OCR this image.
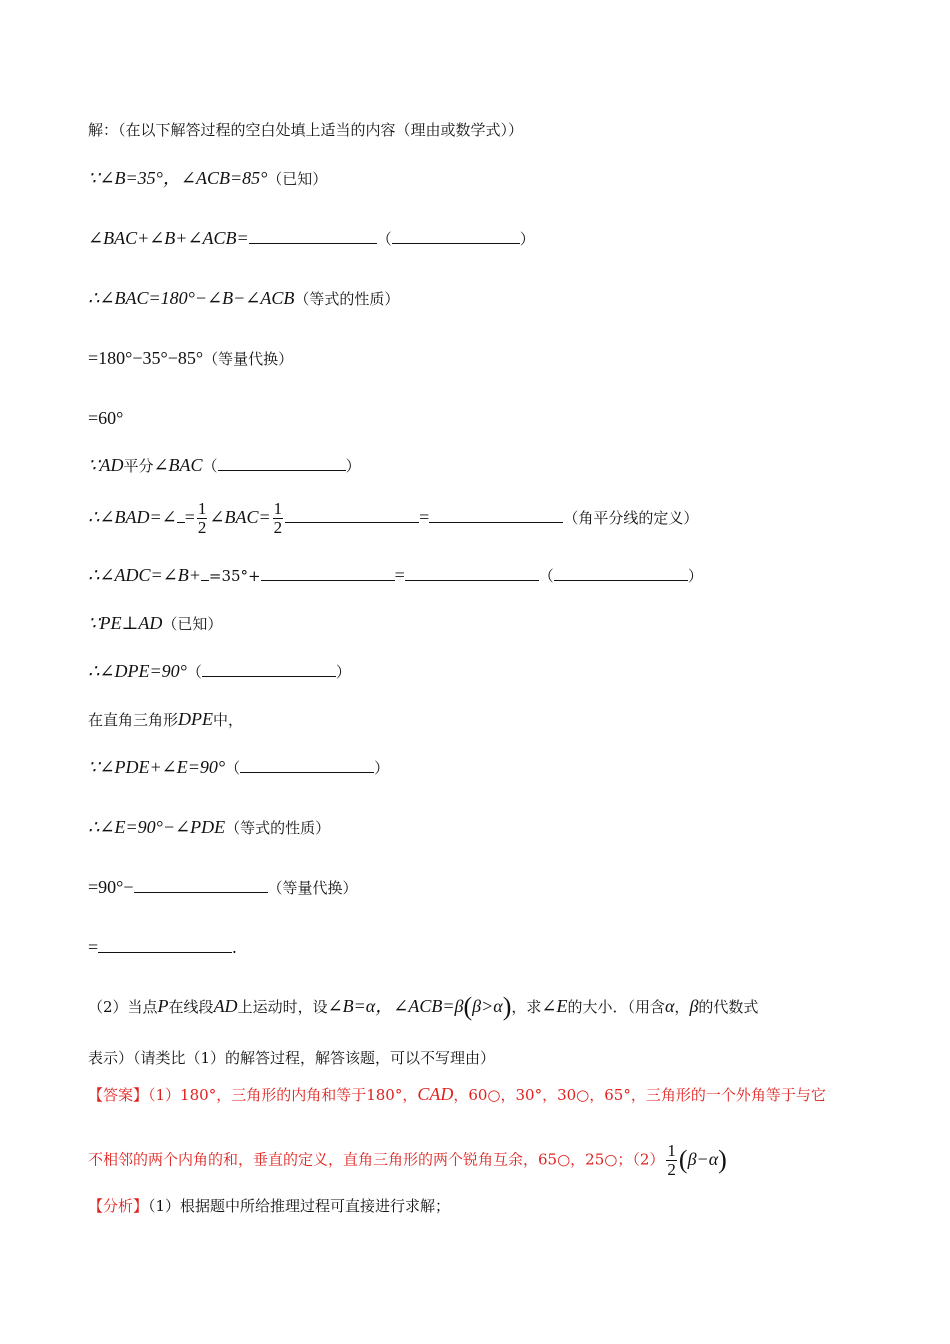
解：（在以下解答过程的空白处填上适当的内容（理由或数学式））
∵∠B=35°，∠ACB=85°（已知）
∠BAC+∠B+∠ACB=	（	）
∴∠BAC=180°−∠B−∠ACB（等式的性质）
=180°−35°−85°（等量代换）
=60°
∵AD平分∠BAC（	）
∴∠BAD=∠ = $\frac{1}{2}$ ∠BAC= $\frac{1}{2}$	=	（角平分线的定义）
∴∠ADC=∠B+ =35°+	=	（	）
∵PE⊥AD（已知）
∴∠DPE=90°（	）
在直角三角形DPE中，
∵∠PDE+∠E=90°（	）
∴∠E=90°−∠PDE（等式的性质）
=90°−	（等量代换）
=	.
（2）当点P在线段AD上运动时，设∠B=α，∠ACB=β(β>α)，求∠E的大小．（用含α，β的代数式
表示）（请类比（1）的解答过程，解答该题，可以不写理由）
【答案】（1）180°，三角形的内角和等于180°，CAD，60○，30°，30○，65°，三角形的一个外角等于与它
不相邻的两个内角的和，垂直的定义，直角三角形的两个锐角互余，65○，25○；$(2) \frac{1}{2} (\beta-\alpha)$
【分析】（1）根据题中所给推理过程可直接进行求解；
